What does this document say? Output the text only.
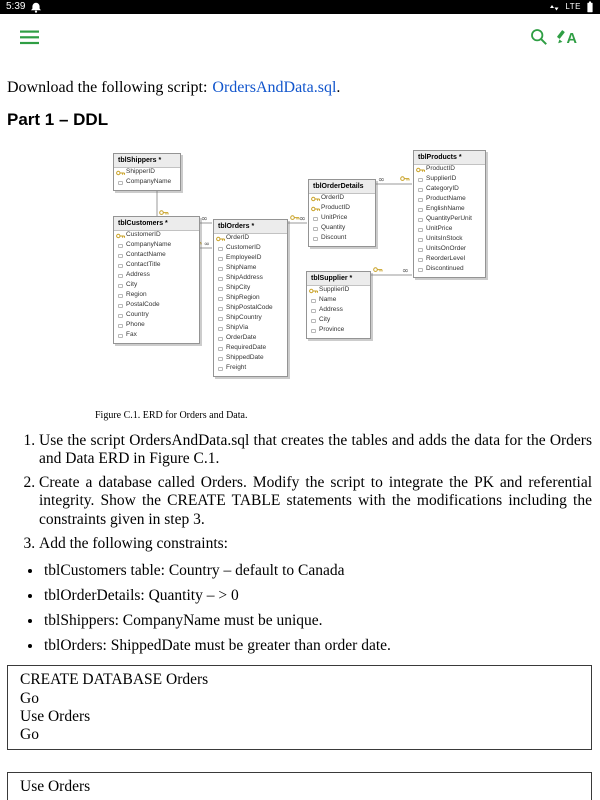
5:39	LTE
A

Download the following script: OrdersAndData.sql.

Part 1 – DDL
∞
∞
∞
∞
∞
tblShippers *
ShipperID
CompanyName
tblCustomers *
CustomerID
CompanyName
ContactName
ContactTitle
Address
City
Region
PostalCode
Country
Phone
Fax
tblOrders *
OrderID
CustomerID
EmployeeID
ShipName
ShipAddress
ShipCity
ShipRegion
ShipPostalCode
ShipCountry
ShipVia
OrderDate
RequiredDate
ShippedDate
Freight
tblOrderDetails
OrderID
ProductID
UnitPrice
Quantity
Discount
tblSupplier *
SupplierID
Name
Address
City
Province
tblProducts *
ProductID
SupplierID
CategoryID
ProductName
EnglishName
QuantityPerUnit
UnitPrice
UnitsInStock
UnitsOnOrder
ReorderLevel
Discontinued
Figure C.1. ERD for Orders and Data.
1. Use the script OrdersAndData.sql that creates the tables and adds the data for the Orders and Data ERD in Figure C.1.
2. Create a database called Orders. Modify the script to integrate the PK and referential integrity. Show the CREATE TABLE statements with the modifications including the constraints given in step 3.
3. Add the following constraints:
• tblCustomers table: Country – default to Canada
• tblOrderDetails: Quantity – > 0
• tblShippers: CompanyName must be unique.
• tblOrders: ShippedDate must be greater than order date.
CREATE DATABASE Orders
Go
Use Orders
Go
Use Orders
